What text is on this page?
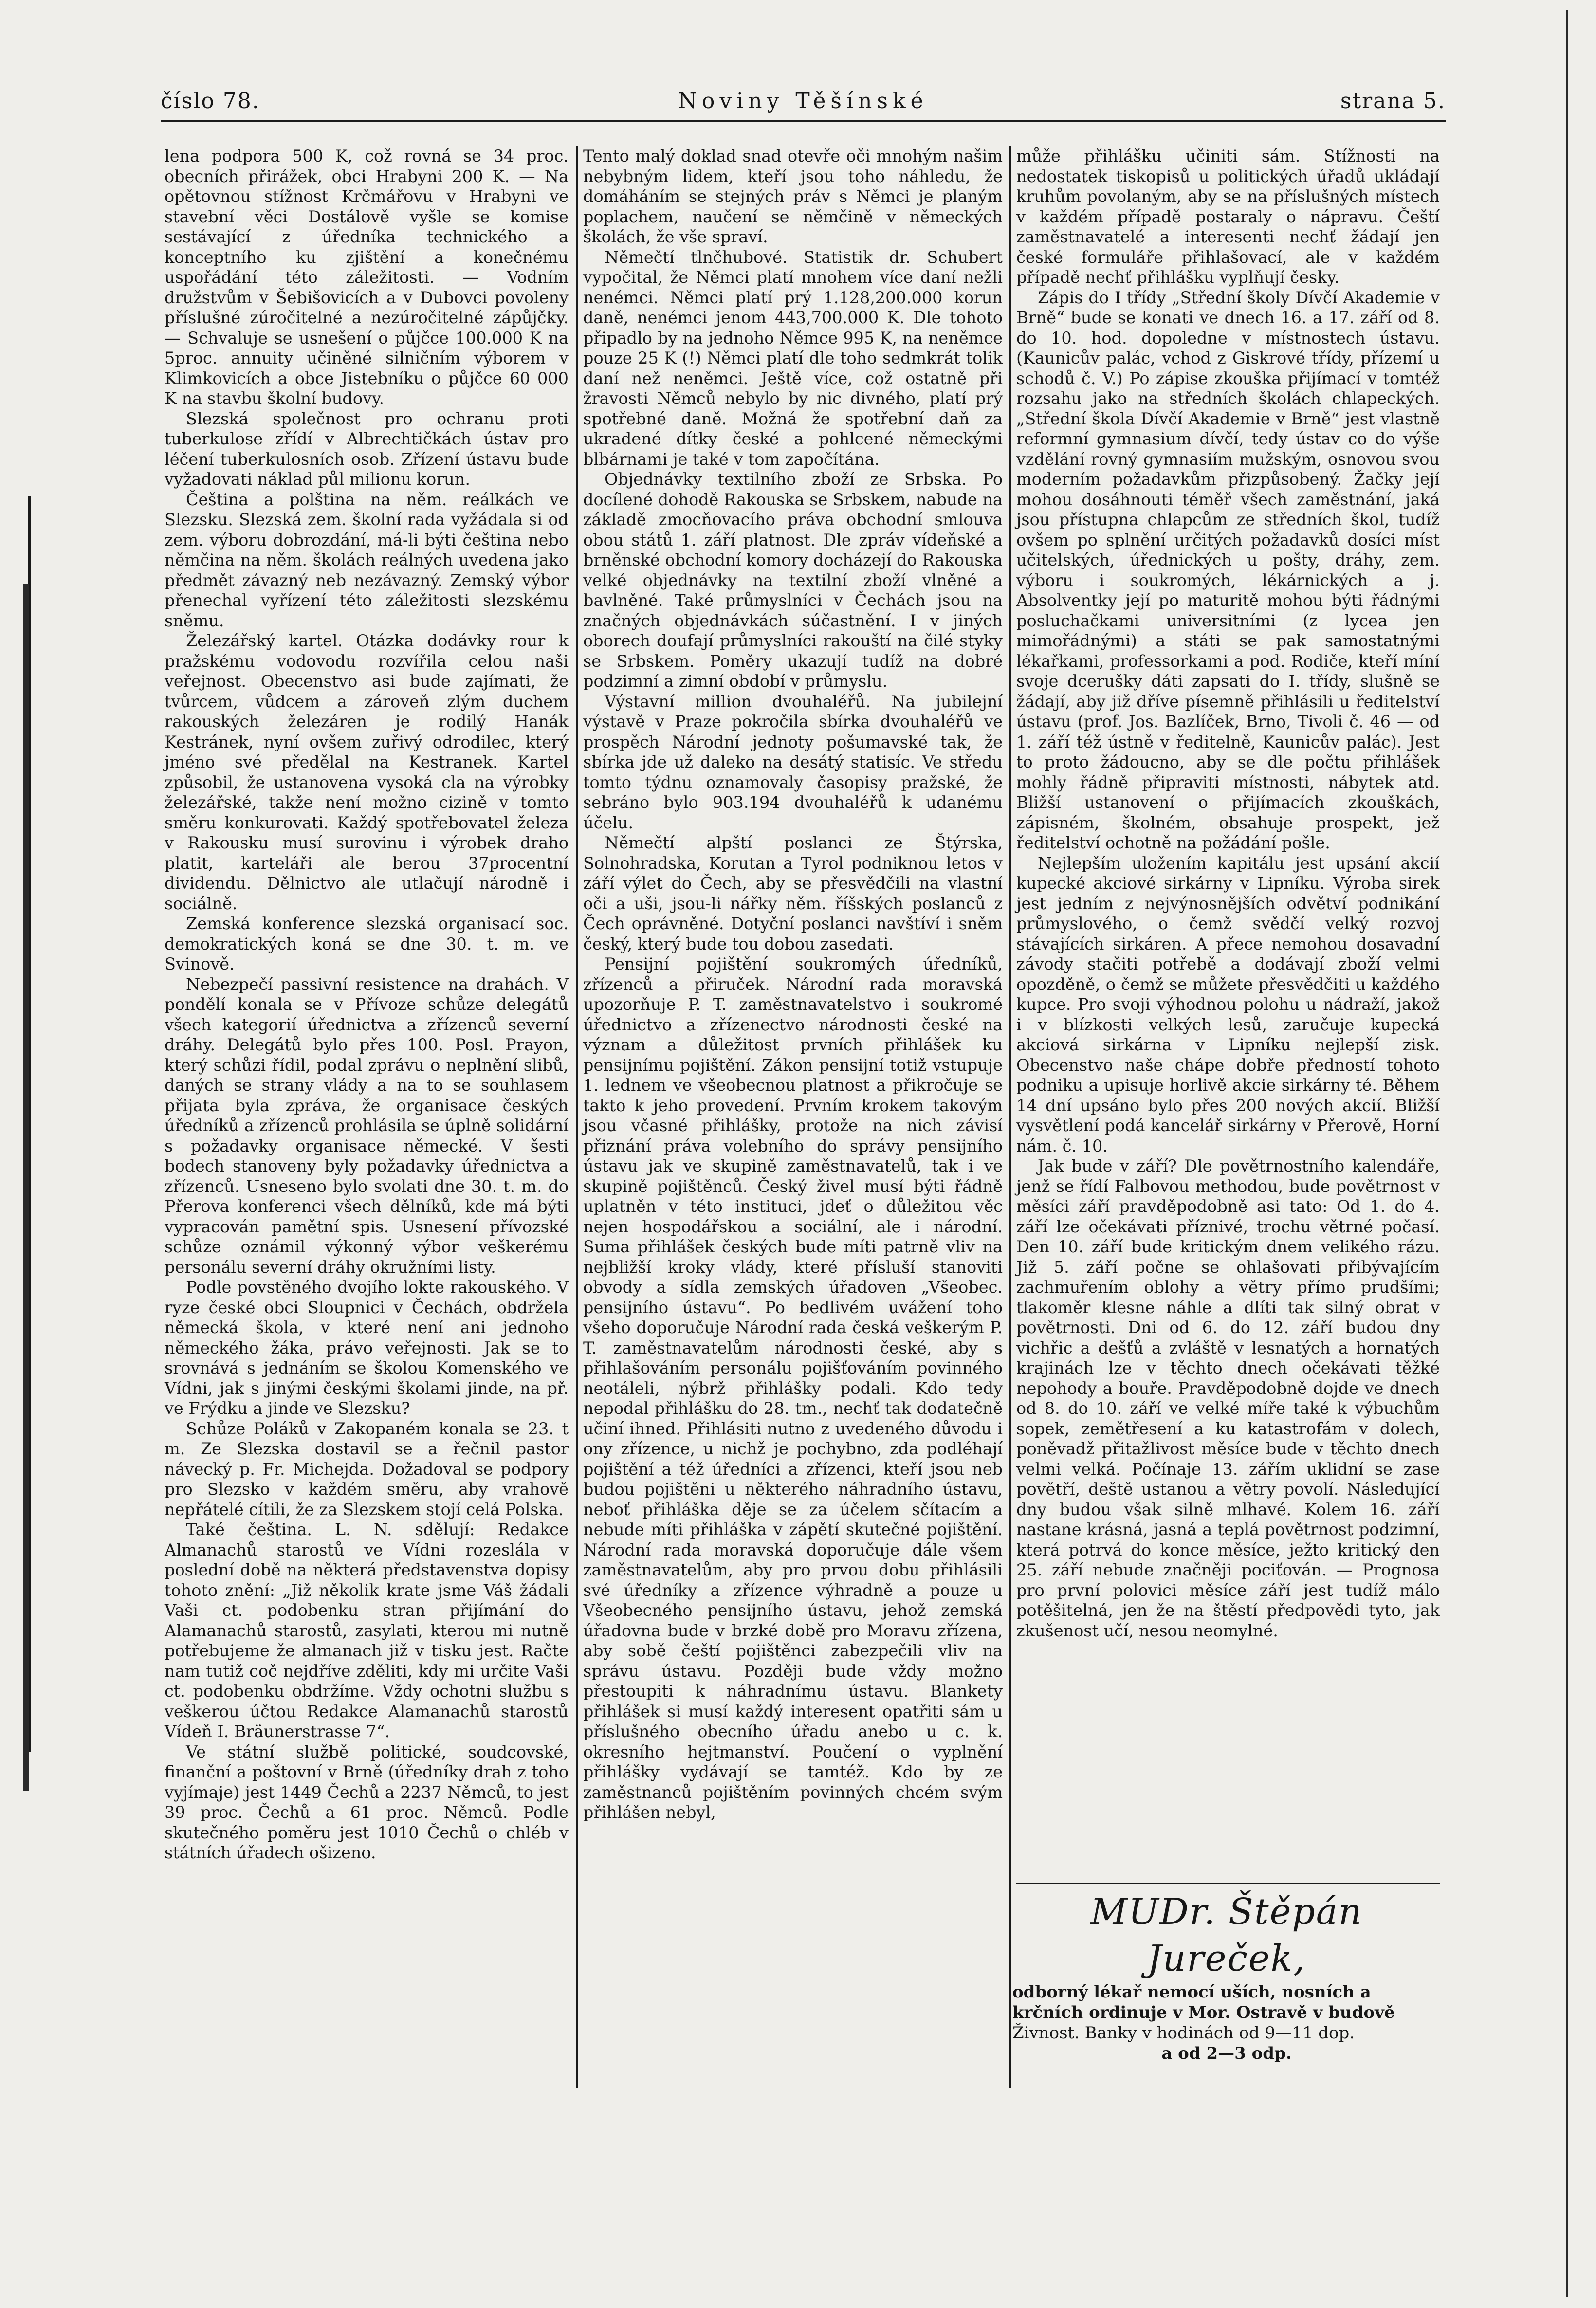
číslo 78.	Noviny Těšínské	strana 5.

lena podpora 500 K, což rovná se 34 proc. obecních přirážek, obci Hrabyni 200 K. — Na opětovnou stížnost Krčmářovu v Hrabyni ve stavební věci Dostálově vyšle se komise sestávající z úředníka technického a konceptního ku zjištění a konečnému uspořádání této záležitosti. — Vodním družstvům v Šebišovicích a v Dubovci povoleny příslušné zúročitelné a nezúročitelné zápůjčky. — Schvaluje se usnešení o půjčce 100.000 K na 5proc. annuity učiněné silničním výborem v Klimkovicích a obce Jistebníku o půjčce 60 000 K na stavbu školní budovy.

Slezská společnost pro ochranu proti tuberkulose zřídí v Albrechtičkách ústav pro léčení tuberkulosních osob. Zřízení ústavu bude vyžadovati náklad půl milionu korun.

Čeština a polština na něm. reálkách ve Slezsku. Slezská zem. školní rada vyžádala si od zem. výboru dobrozdání, má-li býti čeština nebo němčina na něm. školách reálných uvedena jako předmět závazný neb nezávazný. Zemský výbor přenechal vyřízení této záležitosti slezskému sněmu.

Železářský kartel. Otázka dodávky rour k pražskému vodovodu rozvířila celou naši veřejnost. Obecenstvo asi bude zajímati, že tvůrcem, vůdcem a zároveň zlým duchem rakouských železáren je rodilý Hanák Kestránek, nyní ovšem zuřivý odrodilec, který jméno své předělal na Kestranek. Kartel způsobil, že ustanovena vysoká cla na výrobky železářské, takže není možno cizině v tomto směru konkurovati. Každý spotřebovatel železa v Rakousku musí surovinu i výrobek draho platit, karteláři ale berou 37procentní dividendu. Dělnictvo ale utlačují národně i sociálně.

Zemská konference slezská organisací soc. demokratických koná se dne 30. t. m. ve Svinově.

Nebezpečí passivní resistence na drahách. V pondělí konala se v Přívoze schůze delegátů všech kategorií úřednictva a zřízenců severní dráhy. Delegátů bylo přes 100. Posl. Prayon, který schůzi řídil, podal zprávu o neplnění slibů, daných se strany vlády a na to se souhlasem přijata byla zpráva, že organisace českých úředníků a zřízenců prohlásila se úplně solidární s požadavky organisace německé. V šesti bodech stanoveny byly požadavky úřednictva a zřízenců. Usneseno bylo svolati dne 30. t. m. do Přerova konferenci všech dělníků, kde má býti vypracován pamětní spis. Usnesení přívozské schůze oznámil výkonný výbor veškerému personálu severní dráhy okružními listy.

Podle povstěného dvojího lokte rakouského. V ryze české obci Sloupnici v Čechách, obdržela německá škola, v které není ani jednoho německého žáka, právo veřejnosti. Jak se to srovnává s jednáním se školou Komenského ve Vídni, jak s jinými českými školami jinde, na př. ve Frýdku a jinde ve Slezsku?

Schůze Poláků v Zakopaném konala se 23. t m. Ze Slezska dostavil se a řečnil pastor návecký p. Fr. Michejda. Dožadoval se podpory pro Slezsko v každém směru, aby vrahově nepřátelé cítili, že za Slezskem stojí celá Polska.

Také čeština. L. N. sdělují: Redakce Almanachů starostů ve Vídni rozeslála v poslední době na některá představenstva dopisy tohoto znění: „Již několik krate jsme Váš žádali Vaši ct. podobenku stran přijímání do Alamanachů starostů, zasylati, kterou mi nutně potřebujeme že almanach již v tisku jest. Račte nam tutiž coč nejdříve zděliti, kdy mi určite Vaši ct. podobenku obdržíme. Vždy ochotni službu s veškerou účtou Redakce Alamanachů starostů Vídeň I. Bräunerstrasse 7“.

Ve státní službě politické, soudcovské, finanční a poštovní v Brně (úředníky drah z toho vyjímaje) jest 1449 Čechů a 2237 Němců, to jest 39 proc. Čechů a 61 proc. Němců. Podle skutečného poměru jest 1010 Čechů o chléb v státních úřadech ošizeno.

Tento malý doklad snad otevře oči mnohým našim nebybným lidem, kteří jsou toho náhledu, že domáháním se stejných práv s Němci je planým poplachem, naučení se němčině v německých školách, že vše spraví.

Němečtí tlnčhubové. Statistik dr. Schubert vypočital, že Němci platí mnohem více daní nežli nenémci. Němci platí prý 1.128,200.000 korun daně, nenémci jenom 443,700.000 K. Dle tohoto připadlo by na jednoho Němce 995 K, na neněmce pouze 25 K (!) Němci platí dle toho sedmkrát tolik daní než neněmci. Ještě více, což ostatně při žravosti Němců nebylo by nic divného, platí prý spotřebné daně. Možná že spotřební daň za ukradené dítky české a pohlcené německými blbárnami je také v tom započítána.

Objednávky textilního zboží ze Srbska. Po docílené dohodě Rakouska se Srbskem, nabude na základě zmocňovacího práva obchodní smlouva obou států 1. září platnost. Dle zpráv vídeňské a brněnské obchodní komory docházejí do Rakouska velké objednávky na textilní zboží vlněné a bavlněné. Také průmyslníci v Čechách jsou na značných objednávkách súčastnění. I v jiných oborech doufají průmyslníci rakouští na čilé styky se Srbskem. Poměry ukazují tudíž na dobré podzimní a zimní období v průmyslu.

Výstavní million dvouhaléřů. Na jubilejní výstavě v Praze pokročila sbírka dvouhaléřů ve prospěch Národní jednoty pošumavské tak, že sbírka jde už daleko na desátý statisíc. Ve středu tomto týdnu oznamovaly časopisy pražské, že sebráno bylo 903.194 dvouhaléřů k udanému účelu.

Němečtí alpští poslanci ze Štýrska, Solnohradska, Korutan a Tyrol podniknou letos v září výlet do Čech, aby se přesvědčili na vlastní oči a uši, jsou-li nářky něm. říšských poslanců z Čech oprávněné. Dotyční poslanci navštíví i sněm český, který bude tou dobou zasedati.

Pensijní pojištění soukromých úředníků, zřízenců a přiruček. Národní rada moravská upozorňuje P. T. zaměstnavatelstvo i soukromé úřednictvo a zřízenectvo národnosti české na význam a důležitost prvních přihlášek ku pensijnímu pojištění. Zákon pensijní totiž vstupuje 1. lednem ve všeobecnou platnost a přikročuje se takto k jeho provedení. Prvním krokem takovým jsou včasné přihlášky, protože na nich závisí přiznání práva volebního do správy pensijního ústavu jak ve skupině zaměstnavatelů, tak i ve skupině pojištěnců. Český živel musí býti řádně uplatněn v této instituci, jdeť o důležitou věc nejen hospodářskou a sociální, ale i národní. Suma přihlášek českých bude míti patrně vliv na nejbližší kroky vlády, které přísluší stanoviti obvody a sídla zemských úřadoven „Všeobec. pensijního ústavu“. Po bedlivém uvážení toho všeho doporučuje Národní rada česká veškerým P. T. zaměstnavatelům národnosti české, aby s přihlašováním personálu pojišťováním povinného neotáleli, nýbrž přihlášky podali. Kdo tedy nepodal přihlášku do 28. tm., nechť tak dodatečně učiní ihned. Přihlásiti nutno z uvedeného důvodu i ony zřízence, u nichž je pochybno, zda podléhají pojištění a též úředníci a zřízenci, kteří jsou neb budou pojištěni u některého náhradního ústavu, neboť přihláška děje se za účelem sčítacím a nebude míti přihláška v zápětí skutečné pojištění. Národní rada moravská doporučuje dále všem zaměstnavatelům, aby pro prvou dobu přihlásili své úředníky a zřízence výhradně a pouze u Všeobecného pensijního ústavu, jehož zemská úřadovna bude v brzké době pro Moravu zřízena, aby sobě čeští pojištěnci zabezpečili vliv na správu ústavu. Později bude vždy možno přestoupiti k náhradnímu ústavu. Blankety přihlášek si musí každý interesent opatřiti sám u příslušného obecního úřadu anebo u c. k. okresního hejtmanství. Poučení o vyplnění přihlášky vydávají se tamtéž. Kdo by ze zaměstnanců pojištěním povinných chcém svým přihlášen nebyl,

může přihlášku učiniti sám. Stížnosti na nedostatek tiskopisů u politických úřadů ukládají kruhům povolaným, aby se na příslušných místech v každém případě postaraly o nápravu. Čeští zaměstnavatelé a interesenti nechť žádají jen české formuláře přihlašovací, ale v každém případě nechť přihlášku vyplňují česky.

Zápis do I třídy „Střední školy Dívčí Akademie v Brně“ bude se konati ve dnech 16. a 17. září od 8. do 10. hod. dopoledne v místnostech ústavu. (Kaunicův palác, vchod z Giskrové třídy, přízemí u schodů č. V.) Po zápise zkouška přijímací v tomtéž rozsahu jako na středních školách chlapeckých. „Střední škola Dívčí Akademie v Brně“ jest vlastně reformní gymnasium dívčí, tedy ústav co do výše vzdělání rovný gymnasiím mužským, osnovou svou moderním požadavkům přizpůsobený. Žačky její mohou dosáhnouti téměř všech zaměstnání, jaká jsou přístupna chlapcům ze středních škol, tudíž ovšem po splnění určitých požadavků dosíci míst učitelských, úřednických u pošty, dráhy, zem. výboru i soukromých, lékárnických a j. Absolventky její po maturitě mohou býti řádnými posluchačkami universitními (z lycea jen mimořádnými) a státi se pak samostatnými lékařkami, professorkami a pod. Rodiče, kteří míní svoje dcerušky dáti zapsati do I. třídy, slušně se žádají, aby již dříve písemně přihlásili u ředitelství ústavu (prof. Jos. Bazlíček, Brno, Tivoli č. 46 — od 1. září též ústně v ředitelně, Kaunicův palác). Jest to proto žádoucno, aby se dle počtu přihlášek mohly řádně připraviti místnosti, nábytek atd. Bližší ustanovení o přijímacích zkouškách, zápisném, školném, obsahuje prospekt, jež ředitelství ochotně na požádání pošle.

Nejlepším uložením kapitálu jest upsání akcií kupecké akciové sirkárny v Lipníku. Výroba sirek jest jedním z nejvýnosnějších odvětví podnikání průmyslového, o čemž svědčí velký rozvoj stávajících sirkáren. A přece nemohou dosavadní závody stačiti potřebě a dodávají zboží velmi opozděně, o čemž se můžete přesvědčiti u každého kupce. Pro svoji výhodnou polohu u nádraží, jakož i v blízkosti velkých lesů, zaručuje kupecká akciová sirkárna v Lipníku nejlepší zisk. Obecenstvo naše chápe dobře předností tohoto podniku a upisuje horlivě akcie sirkárny té. Během 14 dní upsáno bylo přes 200 nových akcií. Bližší vysvětlení podá kancelář sirkárny v Přerově, Horní nám. č. 10.

Jak bude v září? Dle povětrnostního kalendáře, jenž se řídí Falbovou methodou, bude povětrnost v měsíci září pravděpodobně asi tato: Od 1. do 4. září lze očekávati příznivé, trochu větrné počasí. Den 10. září bude kritickým dnem velikého rázu. Již 5. září počne se ohlašovati přibývajícím zachmuřením oblohy a větry přímo prudšími; tlakoměr klesne náhle a dlíti tak silný obrat v povětrnosti. Dni od 6. do 12. září budou dny vichřic a dešťů a zvláště v lesnatých a hornatých krajinách lze v těchto dnech očekávati těžké nepohody a bouře. Pravděpodobně dojde ve dnech od 8. do 10. září ve velké míře také k výbuchům sopek, zemětřesení a ku katastrofám v dolech, poněvadž přitažlivost měsíce bude v těchto dnech velmi velká. Počínaje 13. zářím uklidní se zase povětří, deště ustanou a větry povolí. Následující dny budou však silně mlhavé. Kolem 16. září nastane krásná, jasná a teplá povětrnost podzimní, která potrvá do konce měsíce, ježto kritický den 25. září nebude značněji pociťován. — Prognosa pro první polovici měsíce září jest tudíž málo potěšitelná, jen že na štěstí předpovědi tyto, jak zkušenost učí, nesou neomylné.

MUDr. Štěpán Jureček,
odborný lékař nemocí uších, nosních a krčních ordinuje v Mor. Ostravě v budově
Živnost. Banky v hodinách od 9—11 dop.
a od 2—3 odp.
